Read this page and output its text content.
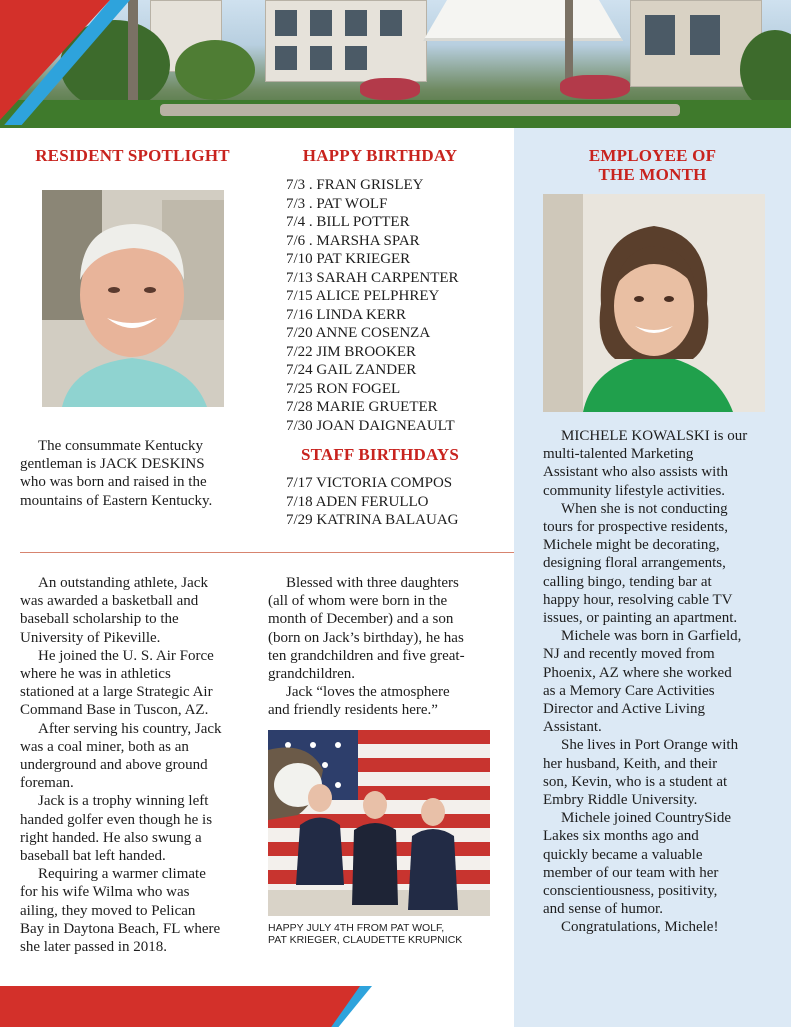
RESIDENT SPOTLIGHT

The consummate Kentucky

gentleman is JACK DESKINS

who was born and raised in the

mountains of Eastern Kentucky.

An outstanding athlete, Jack

was awarded a basketball and

baseball scholarship to the

University of Pikeville.

He joined the U. S. Air Force

where he was in athletics

stationed at a large Strategic Air

Command Base in Tuscon, AZ.

After serving his country, Jack

was a coal miner, both as an

underground and above ground

foreman.

Jack is a trophy winning left

handed golfer even though he is

right handed. He also swung a

baseball bat left handed.

Requiring a warmer climate

for his wife Wilma who was

ailing, they moved to Pelican

Bay in Daytona Beach, FL where

she later passed in 2018.

HAPPY BIRTHDAY
7/3 . FRAN GRISLEY
7/3 . PAT WOLF
7/4 . BILL POTTER
7/6 . MARSHA SPAR
7/10 PAT KRIEGER
7/13 SARAH CARPENTER
7/15 ALICE PELPHREY
7/16 LINDA KERR
7/20 ANNE COSENZA
7/22 JIM BROOKER
7/24 GAIL ZANDER
7/25 RON FOGEL
7/28 MARIE GRUETER
7/30 JOAN DAIGNEAULT
STAFF BIRTHDAYS
7/17 VICTORIA COMPOS
7/18 ADEN FERULLO
7/29 KATRINA BALAUAG

Blessed with three daughters

(all of whom were born in the

month of December) and a son

(born on Jack’s birthday), he has

ten grandchildren and five great-

grandchildren.

Jack “loves the atmosphere

and friendly residents here.”

HAPPY JULY 4TH FROM PAT WOLF,
PAT KRIEGER, CLAUDETTE KRUPNICK
EMPLOYEE OF
THE MONTH

MICHELE KOWALSKI is our

multi-talented Marketing

Assistant who also assists with

community lifestyle activities.

When she is not conducting

tours for prospective residents,

Michele might be decorating,

designing floral arrangements,

calling bingo, tending bar at

happy hour, resolving cable TV

issues, or painting an apartment.

Michele was born in Garfield,

NJ and recently moved from

Phoenix, AZ where she worked

as a Memory Care Activities

Director and Active Living

Assistant.

She lives in Port Orange with

her husband, Keith, and their

son, Kevin, who is a student at

Embry Riddle University.

Michele joined CountrySide

Lakes six months ago and

quickly became a valuable

member of our team with her

conscientiousness, positivity,

and sense of humor.

Congratulations, Michele!
